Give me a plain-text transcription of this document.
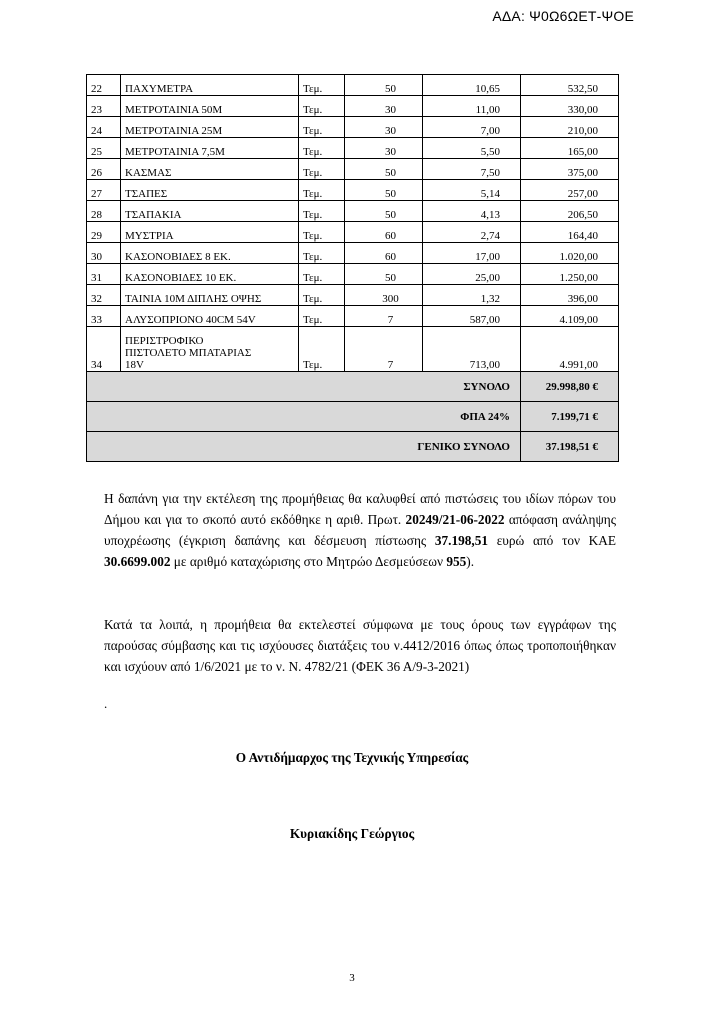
ΑΔΑ: Ψ0Ω6ΩΕΤ-ΨΟΕ
22	ΠΑΧΥΜΕΤΡΑ	Τεμ.	50	10,65	532,50
23	ΜΕΤΡΟΤΑΙΝΙΑ 50Μ	Τεμ.	30	11,00	330,00
24	ΜΕΤΡΟΤΑΙΝΙΑ 25Μ	Τεμ.	30	7,00	210,00
25	ΜΕΤΡΟΤΑΙΝΙΑ 7,5Μ	Τεμ.	30	5,50	165,00
26	ΚΑΣΜΑΣ	Τεμ.	50	7,50	375,00
27	ΤΣΑΠΕΣ	Τεμ.	50	5,14	257,00
28	ΤΣΑΠΑΚΙΑ	Τεμ.	50	4,13	206,50
29	ΜΥΣΤΡΙΑ	Τεμ.	60	2,74	164,40
30	ΚΑΣΟΝΟΒΙΔΕΣ 8 ΕΚ.	Τεμ.	60	17,00	1.020,00
31	ΚΑΣΟΝΟΒΙΔΕΣ 10 ΕΚ.	Τεμ.	50	25,00	1.250,00
32	ΤΑΙΝΙΑ 10Μ ΔΙΠΛΗΣ ΟΨΗΣ	Τεμ.	300	1,32	396,00
33	ΑΛΥΣΟΠΡΙΟΝΟ 40CM 54V	Τεμ.	7	587,00	4.109,00
34	ΠΕΡΙΣΤΡΟΦΙΚΟ
ΠΙΣΤΟΛΕΤΟ ΜΠΑΤΑΡΙΑΣ
18V	Τεμ.	7	713,00	4.991,00
ΣΥΝΟΛΟ					29.998,80 €
ΦΠΑ 24%					7.199,71 €
ΓΕΝΙΚΟ ΣΥΝΟΛΟ					37.198,51 €
Η δαπάνη για την εκτέλεση της προμήθειας θα καλυφθεί από πιστώσεις του ιδίων πόρων του Δήμου και για το σκοπό αυτό εκδόθηκε η αριθ. Πρωτ. 20249/21-06-2022 απόφαση ανάληψης υποχρέωσης (έγκριση δαπάνης και δέσμευση πίστωσης 37.198,51 ευρώ από τον ΚΑΕ 30.6699.002 με αριθμό καταχώρισης στο Μητρώο Δεσμεύσεων 955).
Κατά τα λοιπά, η προμήθεια θα εκτελεστεί σύμφωνα με τους όρους των εγγράφων της παρούσας σύμβασης και τις ισχύουσες διατάξεις του ν.4412/2016 όπως όπως τροποποιήθηκαν και ισχύουν από 1/6/2021 με το ν. Ν. 4782/21 (ΦΕΚ 36 Α/9-3-2021)
.
Ο Αντιδήμαρχος της Τεχνικής Υπηρεσίας
Κυριακίδης Γεώργιος
3
